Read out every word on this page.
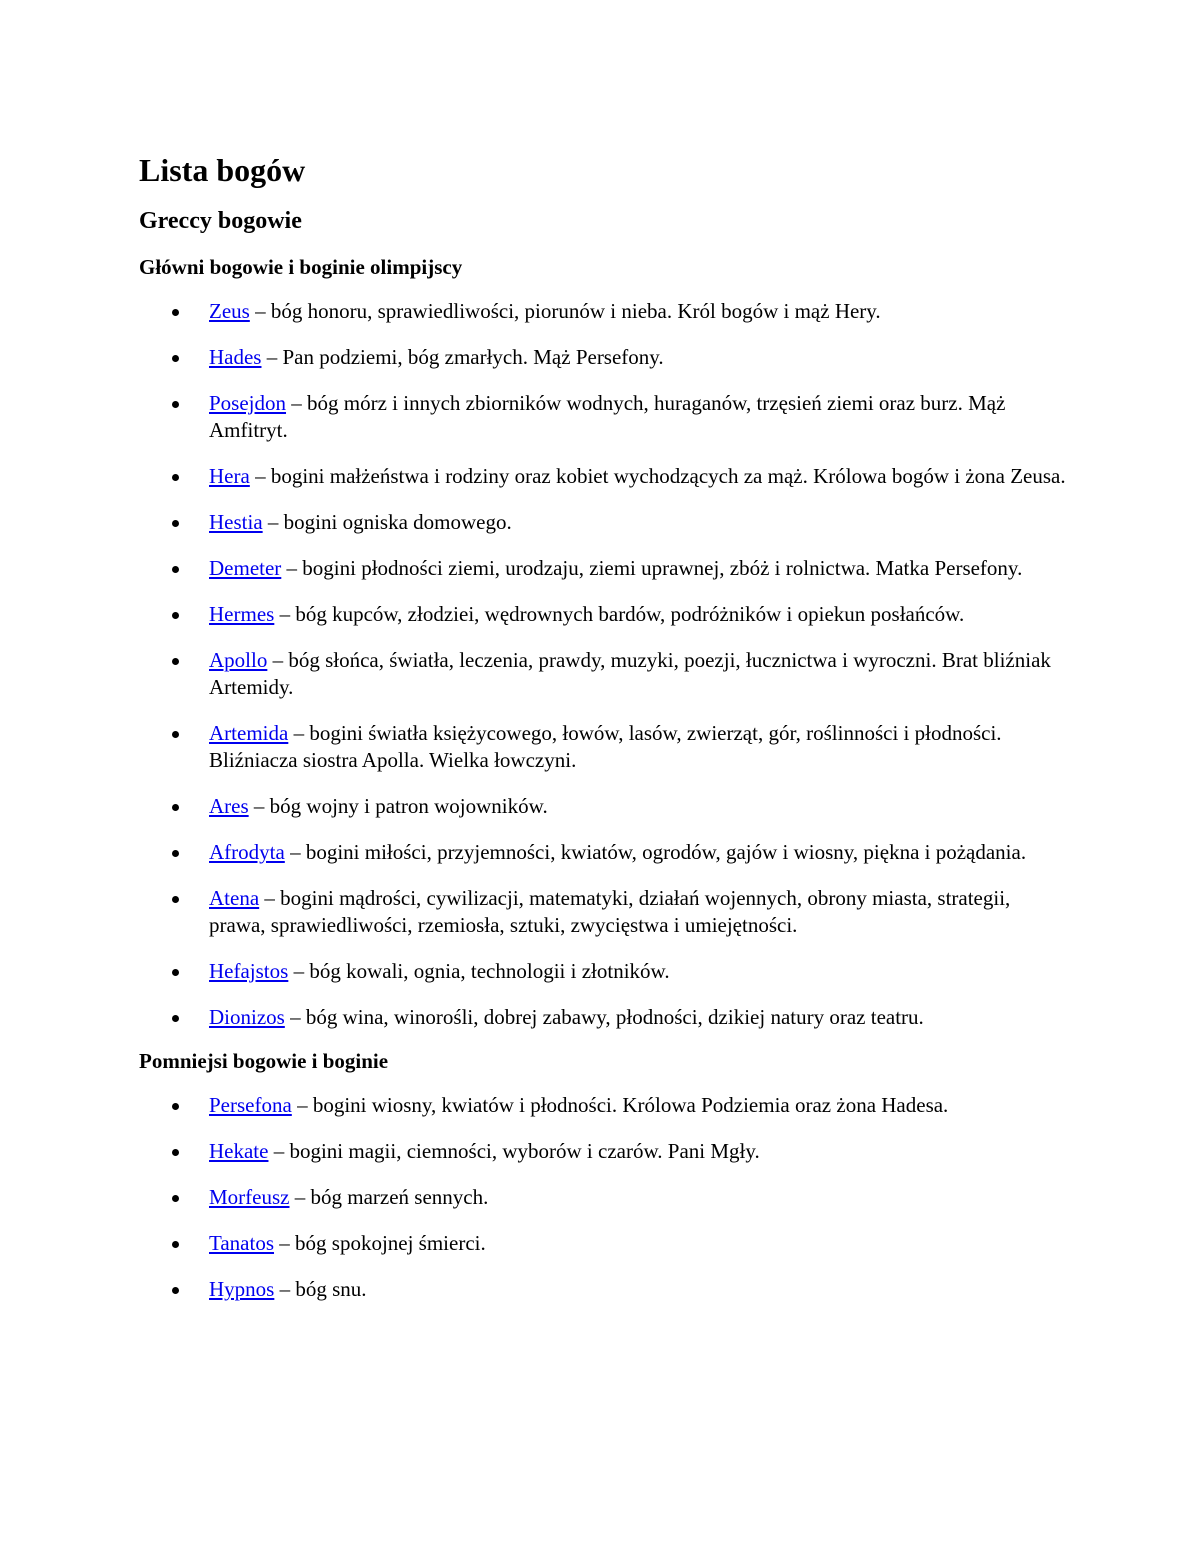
Lista bogów
Greccy bogowie
Główni bogowie i boginie olimpijscy
Zeus – bóg honoru, sprawiedliwości, piorunów i nieba. Król bogów i mąż Hery.
Hades – Pan podziemi, bóg zmarłych. Mąż Persefony.
Posejdon – bóg mórz i innych zbiorników wodnych, huraganów, trzęsień ziemi oraz burz. Mąż Amfitryt.
Hera – bogini małżeństwa i rodziny oraz kobiet wychodzących za mąż. Królowa bogów i żona Zeusa.
Hestia – bogini ogniska domowego.
Demeter – bogini płodności ziemi, urodzaju, ziemi uprawnej, zbóż i rolnictwa. Matka Persefony.
Hermes – bóg kupców, złodziei, wędrownych bardów, podróżników i opiekun posłańców.
Apollo – bóg słońca, światła, leczenia, prawdy, muzyki, poezji, łucznictwa i wyroczni. Brat bliźniak Artemidy.
Artemida – bogini światła księżycowego, łowów, lasów, zwierząt, gór, roślinności i płodności. Bliźniacza siostra Apolla. Wielka łowczyni.
Ares – bóg wojny i patron wojowników.
Afrodyta – bogini miłości, przyjemności, kwiatów, ogrodów, gajów i wiosny, piękna i pożądania.
Atena – bogini mądrości, cywilizacji, matematyki, działań wojennych, obrony miasta, strategii, prawa, sprawiedliwości, rzemiosła, sztuki, zwycięstwa i umiejętności.
Hefajstos – bóg kowali, ognia, technologii i złotników.
Dionizos – bóg wina, winorośli, dobrej zabawy, płodności, dzikiej natury oraz teatru.
Pomniejsi bogowie i boginie
Persefona – bogini wiosny, kwiatów i płodności. Królowa Podziemia oraz żona Hadesa.
Hekate – bogini magii, ciemności, wyborów i czarów. Pani Mgły.
Morfeusz – bóg marzeń sennych.
Tanatos – bóg spokojnej śmierci.
Hypnos – bóg snu.
